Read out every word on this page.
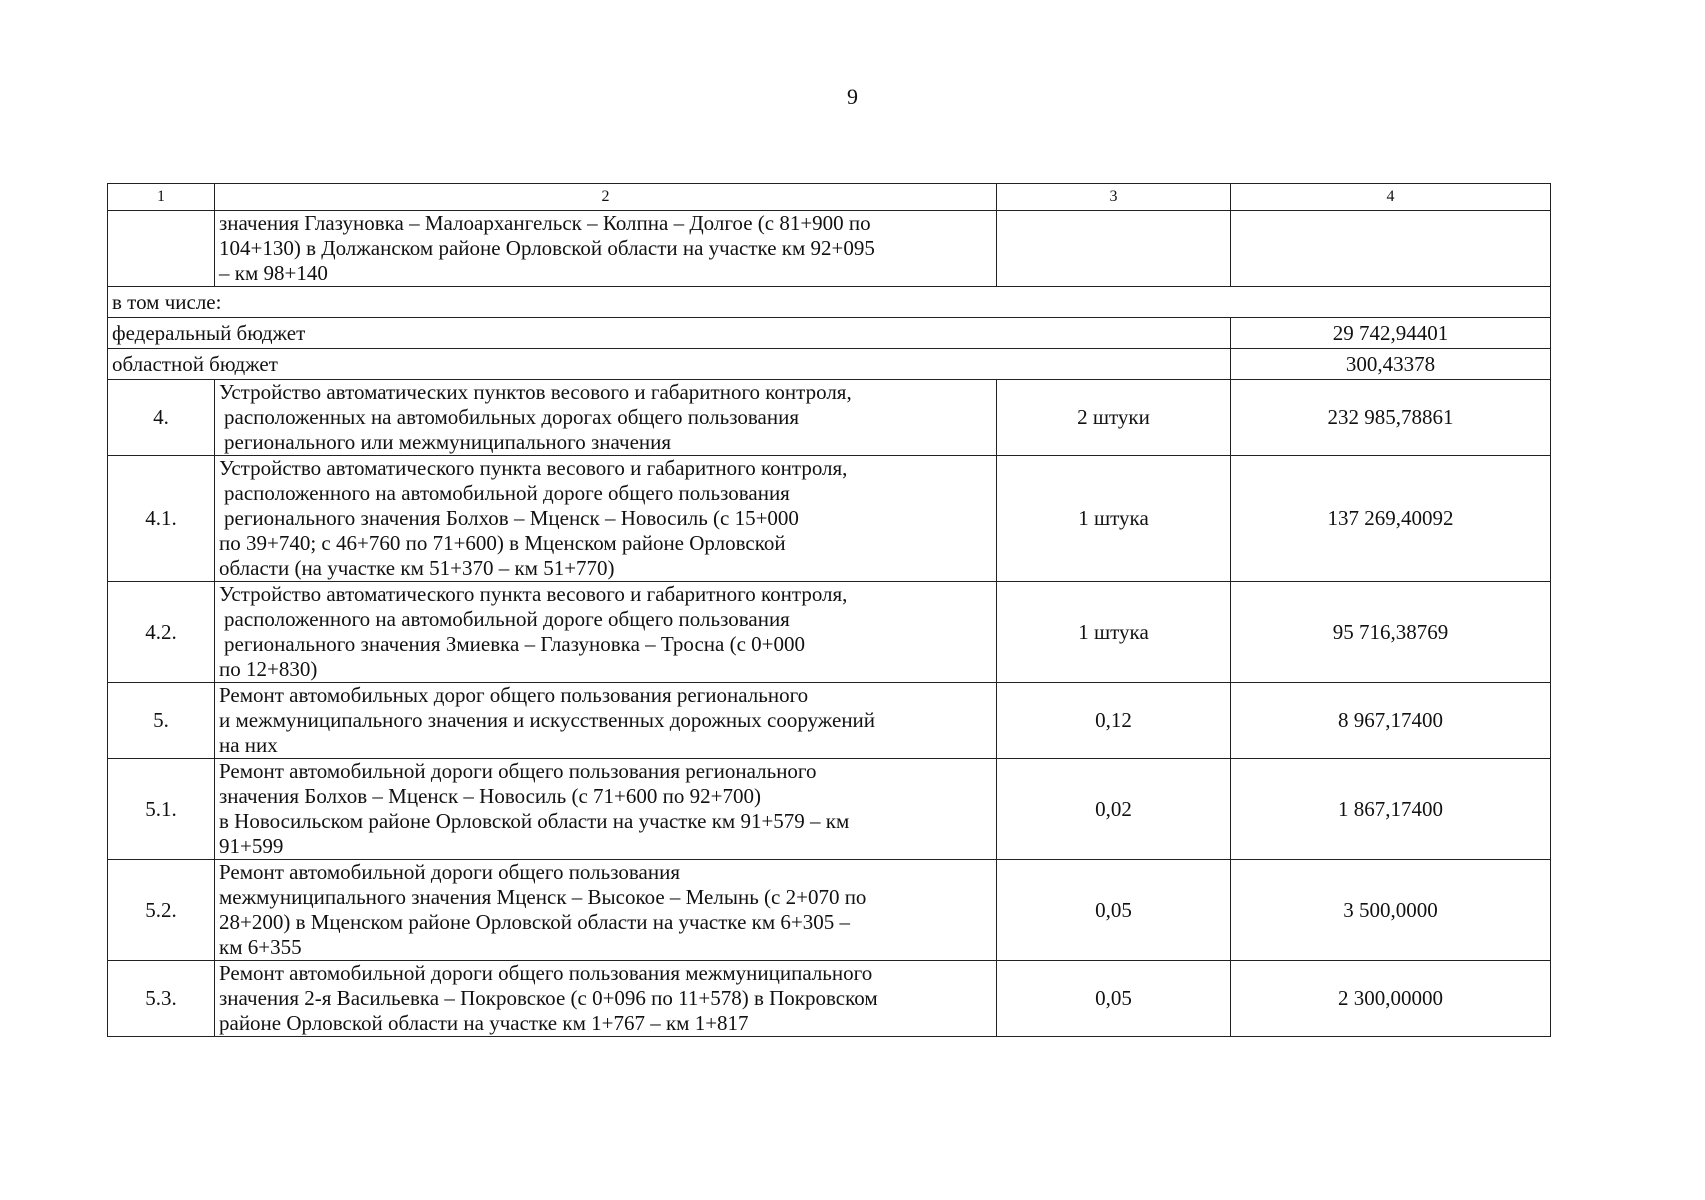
9
1	2	3	4

	значения Глазуновка – Малоархангельск – Колпна – Долгое (с 81+900 по
104+130) в Должанском районе Орловской области на участке км 92+095
– км 98+140		

в том числе:			
федеральный бюджет			29 742,94401
областной бюджет			300,43378
4.	Устройство автоматических пунктов весового и габаритного контроля,
расположенных на автомобильных дорогах общего пользования
регионального или межмуниципального значения	2 штуки	232 985,78861
4.1.	Устройство автоматического пункта весового и габаритного контроля,
расположенного на автомобильной дороге общего пользования
регионального значения Болхов – Мценск – Новосиль (с 15+000
по 39+740; с 46+760 по 71+600) в Мценском районе Орловской
области (на участке км 51+370 – км 51+770)	1 штука	137 269,40092
4.2.	Устройство автоматического пункта весового и габаритного контроля,
расположенного на автомобильной дороге общего пользования
регионального значения Змиевка – Глазуновка – Тросна (с 0+000
по 12+830)	1 штука	95 716,38769
5.	Ремонт автомобильных дорог общего пользования регионального
и межмуниципального значения и искусственных дорожных сооружений
на них	0,12	8 967,17400
5.1.	Ремонт автомобильной дороги общего пользования регионального
значения Болхов – Мценск – Новосиль (с 71+600 по 92+700)
в Новосильском районе Орловской области на участке км 91+579 – км
91+599	0,02	1 867,17400
5.2.	Ремонт автомобильной дороги общего пользования
межмуниципального значения Мценск – Высокое – Мелынь (с 2+070 по
28+200) в Мценском районе Орловской области на участке км 6+305 –
км 6+355	0,05	3 500,0000
5.3.	Ремонт автомобильной дороги общего пользования межмуниципального
значения 2-я Васильевка – Покровское (с 0+096 по 11+578) в Покровском
районе Орловской области на участке км 1+767 – км 1+817	0,05	2 300,00000
